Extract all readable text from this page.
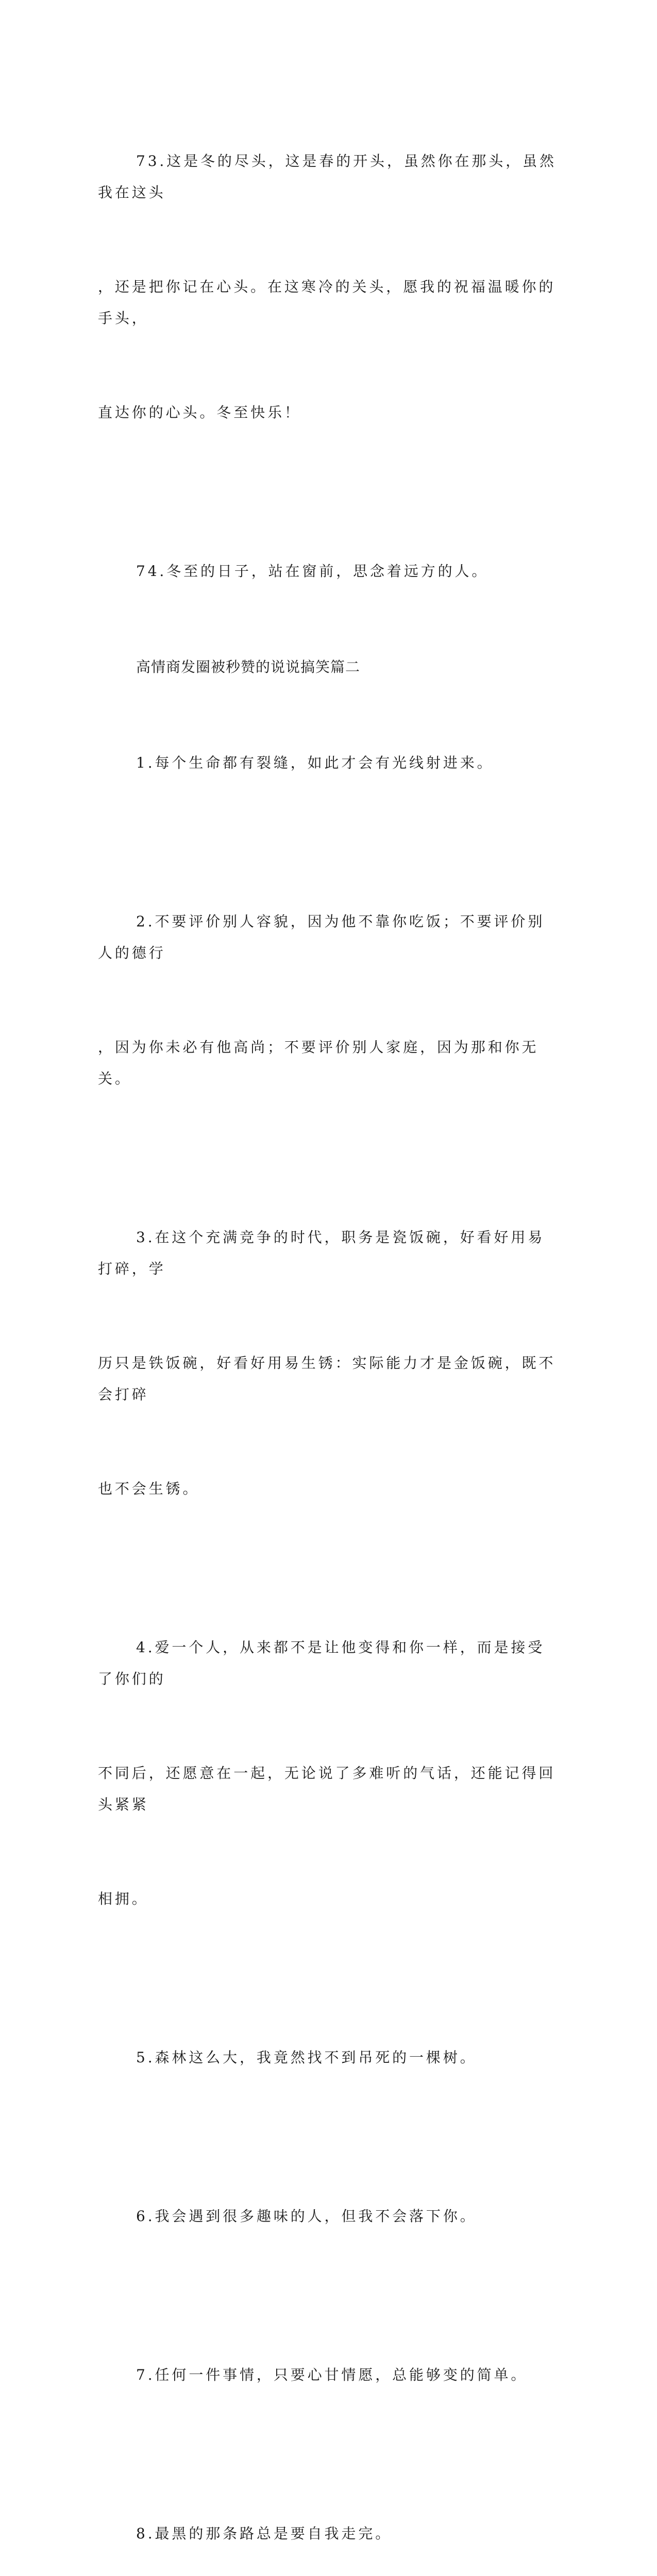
73.这是冬的尽头，这是春的开头，虽然你在那头，虽然我在这头

，还是把你记在心头。在这寒冷的关头，愿我的祝福温暖你的手头，

直达你的心头。冬至快乐！

74.冬至的日子，站在窗前，思念着远方的人。

高情商发圈被秒赞的说说搞笑篇二

1.每个生命都有裂缝，如此才会有光线射进来。

2.不要评价别人容貌，因为他不靠你吃饭；不要评价别人的德行

，因为你未必有他高尚；不要评价别人家庭，因为那和你无关。

3.在这个充满竞争的时代，职务是瓷饭碗，好看好用易打碎，学

历只是铁饭碗，好看好用易生锈：实际能力才是金饭碗，既不会打碎

也不会生锈。

4.爱一个人，从来都不是让他变得和你一样，而是接受了你们的

不同后，还愿意在一起，无论说了多难听的气话，还能记得回头紧紧

相拥。

5.森林这么大，我竟然找不到吊死的一棵树。

6.我会遇到很多趣味的人，但我不会落下你。

7.任何一件事情，只要心甘情愿，总能够变的简单。

8.最黑的那条路总是要自我走完。
